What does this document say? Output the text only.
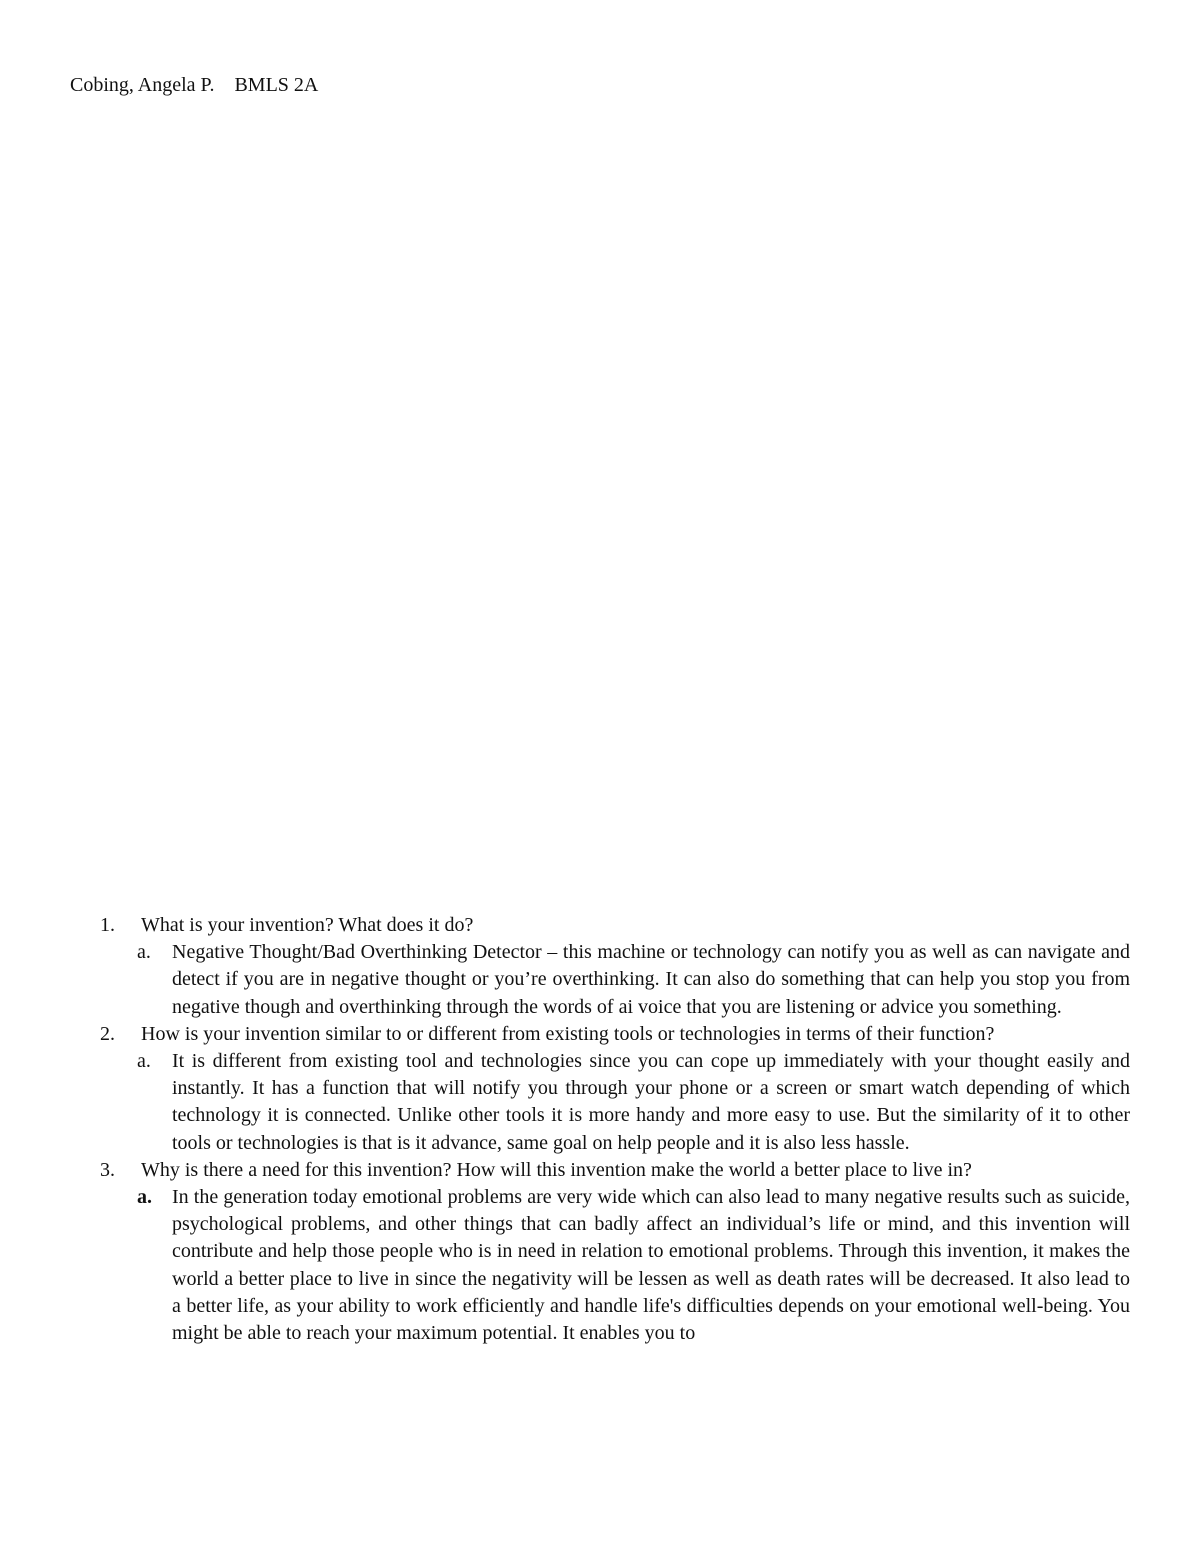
Cobing, Angela P.    BMLS 2A
1.	What is your invention? What does it do?
a.	Negative Thought/Bad Overthinking Detector – this machine or technology can notify you as well as can navigate and detect if you are in negative thought or you’re overthinking. It can also do something that can help you stop you from negative though and overthinking through the words of ai voice that you are listening or advice you something.
2.	How is your invention similar to or different from existing tools or technologies in terms of their function?
a.	It is different from existing tool and technologies since you can cope up immediately with your thought easily and instantly. It has a function that will notify you through your phone or a screen or smart watch depending of which technology it is connected. Unlike other tools it is more handy and more easy to use. But the similarity of it to other tools or technologies is that is it advance, same goal on help people and it is also less hassle.
3.	Why is there a need for this invention? How will this invention make the world a better place to live in?
a.	In the generation today emotional problems are very wide which can also lead to many negative results such as suicide, psychological problems, and other things that can badly affect an individual’s life or mind, and this invention will contribute and help those people who is in need in relation to emotional problems. Through this invention, it makes the world a better place to live in since the negativity will be lessen as well as death rates will be decreased. It also lead to a better life, as your ability to work efficiently and handle life's difficulties depends on your emotional well-being. You might be able to reach your maximum potential. It enables you to
